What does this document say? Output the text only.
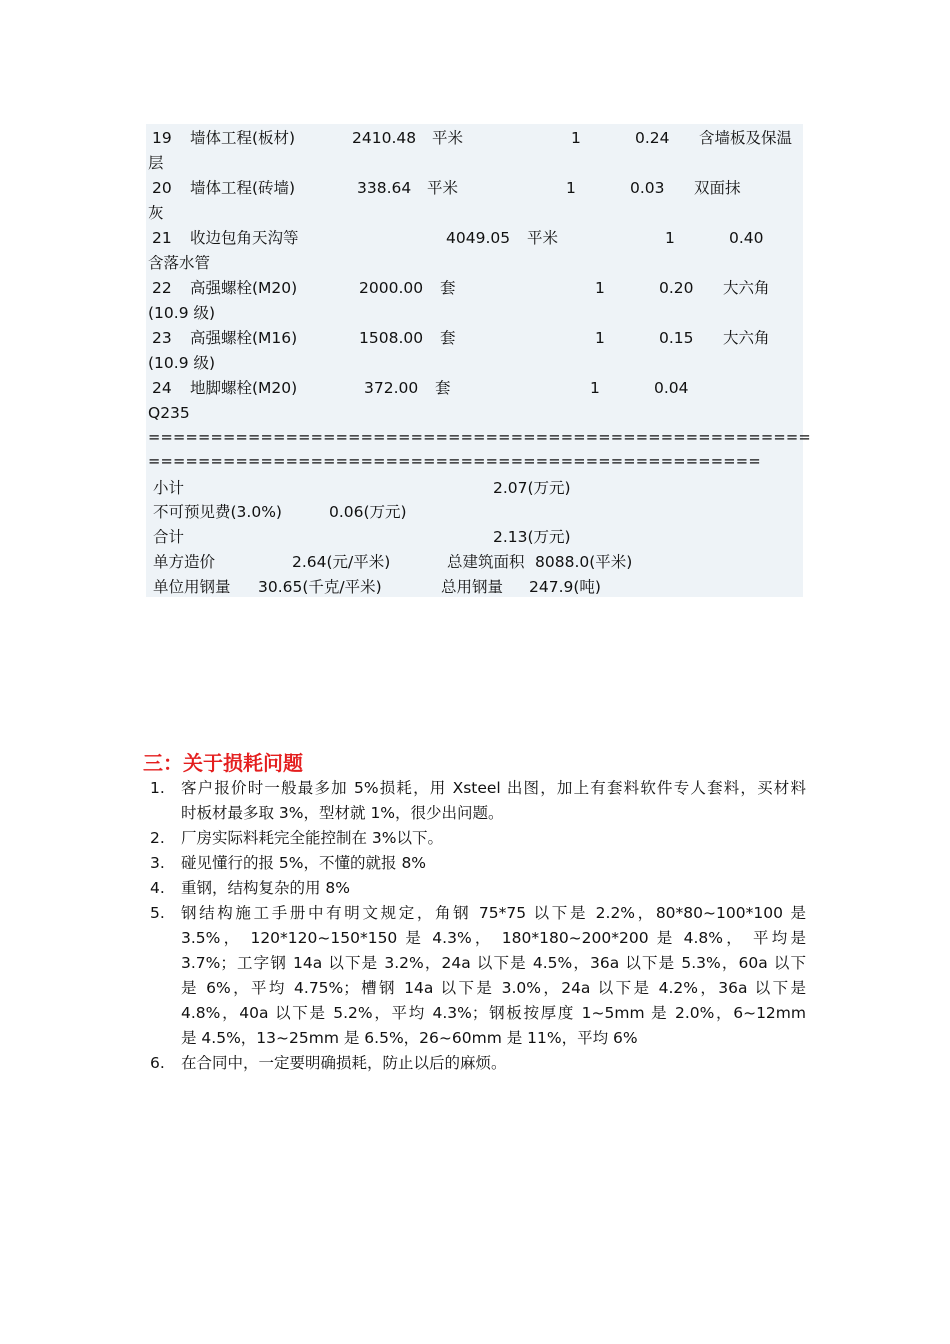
19 墙体工程(板材)	2410.48 平米	1	0.24 含墙板及保温
层
20 墙体工程(砖墙)	338.64 平米	1	0.03 双面抹
灰
21 收边包角天沟等	4049.05 平米	1	0.40
含落水管
22 高强螺栓(M20)	2000.00 套	1	0.20 大六角
(10.9 级)
23 高强螺栓(M16)	1508.00 套	1	0.15 大六角
(10.9 级)
24 地脚螺栓(M20)	372.00 套	1	0.04
Q235
=====================================================
=================================================
小计	2.07(万元)
不可预见费(3.0%)	0.06(万元)
合计	2.13(万元)
单方造价	2.64(元/平米)	总建筑面积 8088.0(平米)
单位用钢量 30.65(千克/平米)	总用钢量 247.9(吨)
三：关于损耗问题
1.	客户报价时一般最多加 5%损耗，用 Xsteel 出图，加上有套料软件专人套料，买材料
时板材最多取 3%，型材就 1%，很少出问题。
2.	厂房实际料耗完全能控制在 3%以下。
3.	碰见懂行的报 5%，不懂的就报 8%
4.	重钢，结构复杂的用 8%
5.	钢结构施工手册中有明文规定，角钢 75*75 以下是 2.2%，80*80~100*100 是
3.5%， 120*120~150*150 是 4.3%， 180*180~200*200 是 4.8%， 平均是
3.7%；工字钢 14a 以下是 3.2%，24a 以下是 4.5%，36a 以下是 5.3%，60a 以下
是 6%，平均 4.75%；槽钢 14a 以下是 3.0%，24a 以下是 4.2%，36a 以下是
4.8%，40a 以下是 5.2%，平均 4.3%；钢板按厚度 1~5mm 是 2.0%，6~12mm
是 4.5%，13~25mm 是 6.5%，26~60mm 是 11%，平均 6%
6.	在合同中，一定要明确损耗，防止以后的麻烦。
